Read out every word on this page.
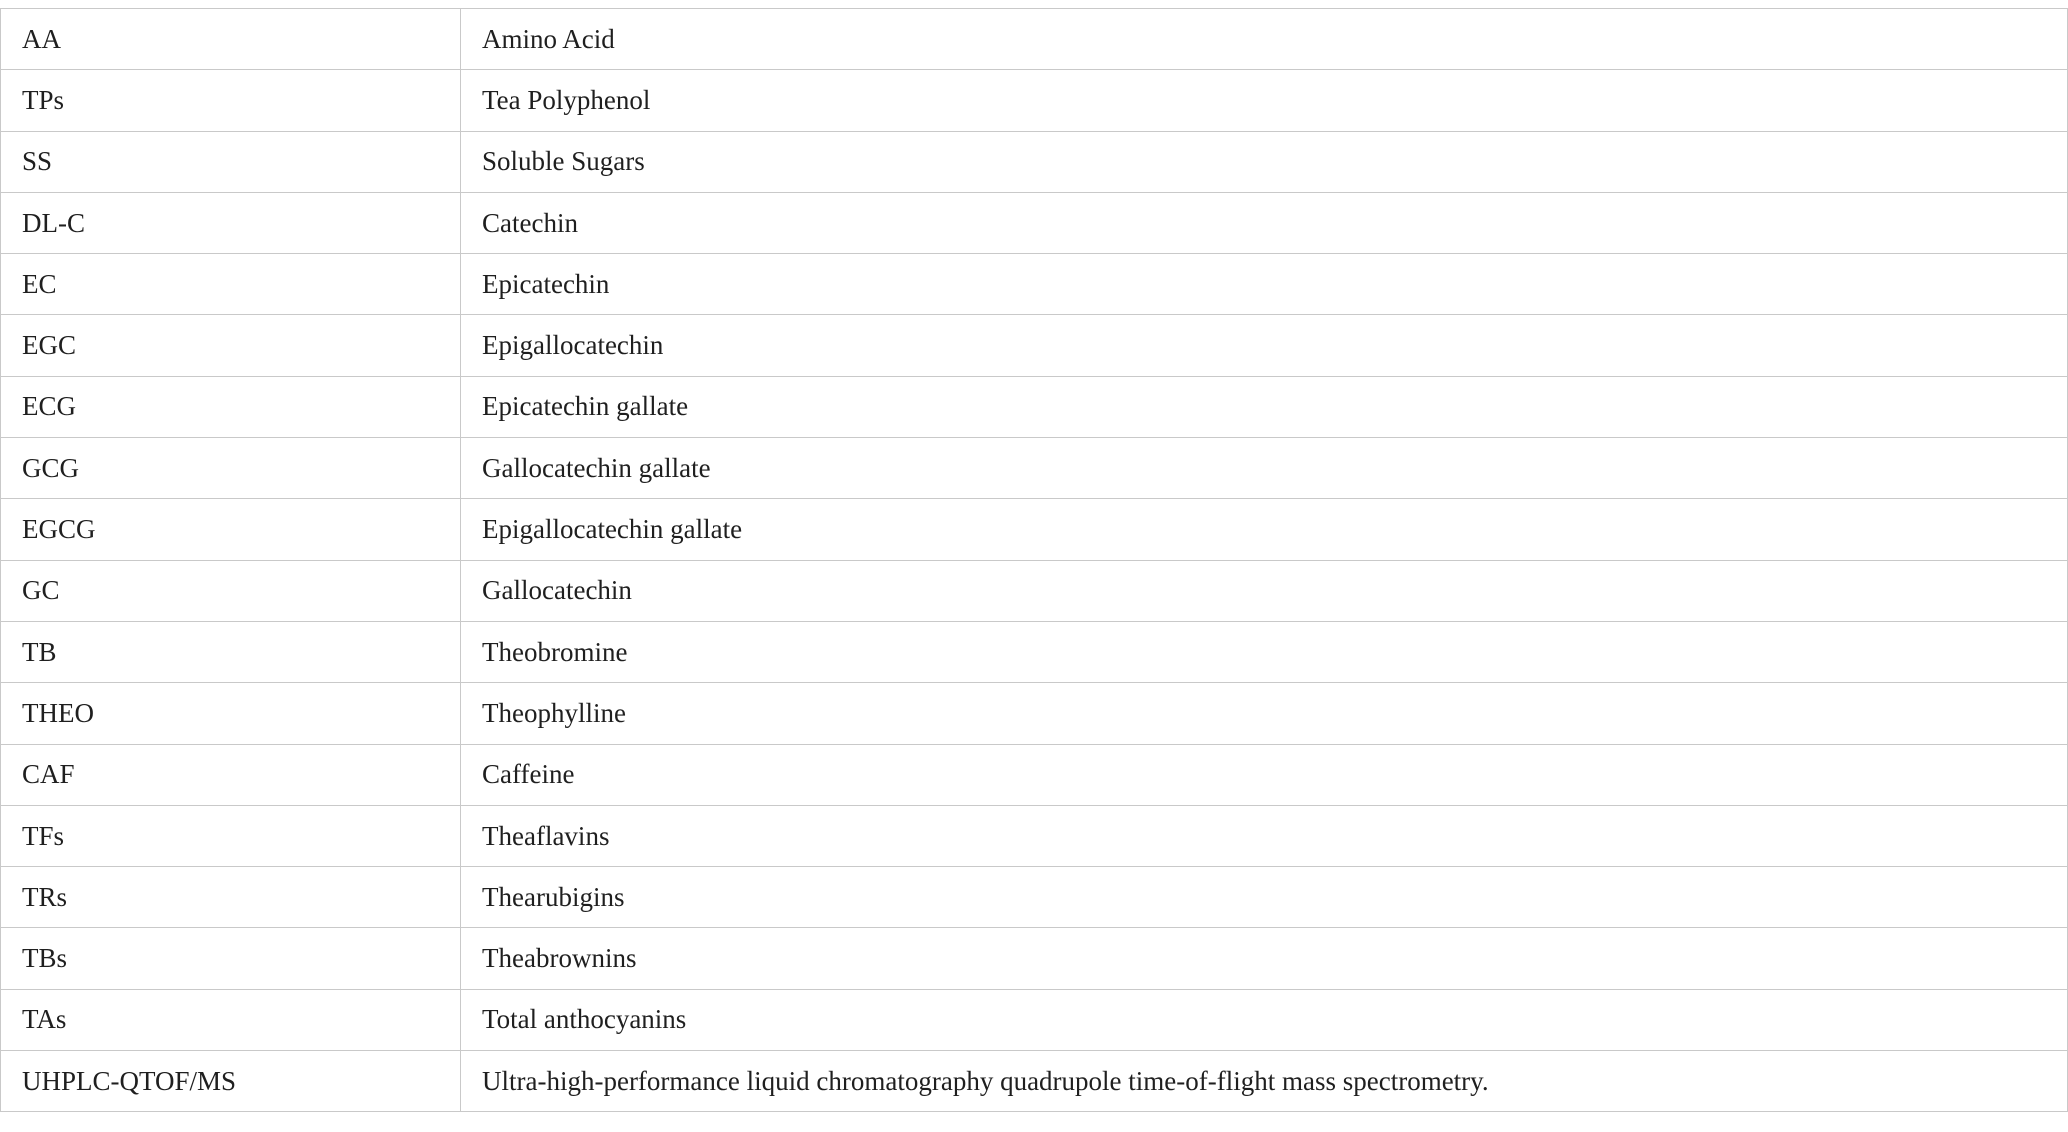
AA	Amino Acid
TPs	Tea Polyphenol
SS	Soluble Sugars
DL-C	Catechin
EC	Epicatechin
EGC	Epigallocatechin
ECG	Epicatechin gallate
GCG	Gallocatechin gallate
EGCG	Epigallocatechin gallate
GC	Gallocatechin
TB	Theobromine
THEO	Theophylline
CAF	Caffeine
TFs	Theaflavins
TRs	Thearubigins
TBs	Theabrownins
TAs	Total anthocyanins
UHPLC-QTOF/MS	Ultra-high-performance liquid chromatography quadrupole time-of-flight mass spectrometry.
